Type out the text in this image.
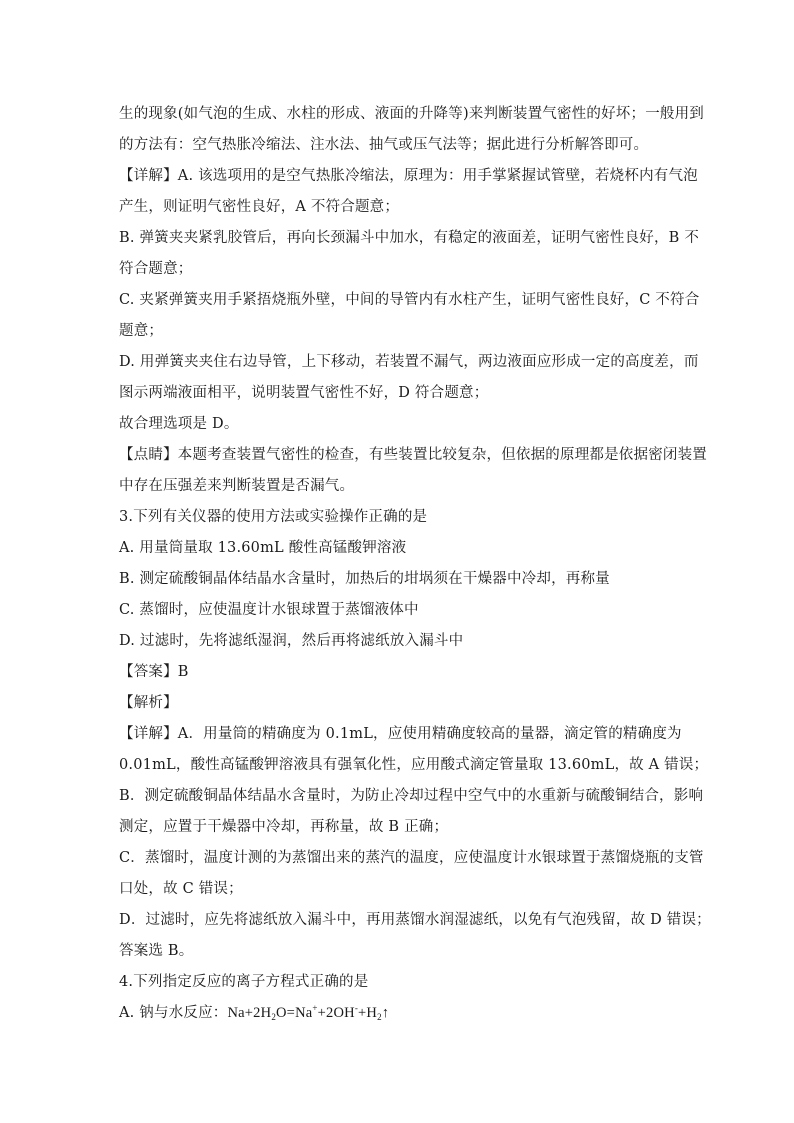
生的现象(如气泡的生成、水柱的形成、液面的升降等)来判断装置气密性的好坏；一般用到
的方法有：空气热胀冷缩法、注水法、抽气或压气法等；据此进行分析解答即可。
【详解】A. 该选项用的是空气热胀冷缩法，原理为：用手掌紧握试管壁，若烧杯内有气泡
产生，则证明气密性良好，A 不符合题意；
B. 弹簧夹夹紧乳胶管后，再向长颈漏斗中加水，有稳定的液面差，证明气密性良好，B 不
符合题意；
C. 夹紧弹簧夹用手紧捂烧瓶外壁，中间的导管内有水柱产生，证明气密性良好，C 不符合
题意；
D. 用弹簧夹夹住右边导管，上下移动，若装置不漏气，两边液面应形成一定的高度差，而
图示两端液面相平，说明装置气密性不好，D 符合题意；
故合理选项是 D。
【点睛】本题考查装置气密性的检查，有些装置比较复杂，但依据的原理都是依据密闭装置
中存在压强差来判断装置是否漏气。
3.下列有关仪器的使用方法或实验操作正确的是
A. 用量筒量取 13.60mL 酸性高锰酸钾溶液
B. 测定硫酸铜晶体结晶水含量时，加热后的坩埚须在干燥器中冷却，再称量
C. 蒸馏时，应使温度计水银球置于蒸馏液体中
D. 过滤时，先将滤纸湿润，然后再将滤纸放入漏斗中
【答案】B
【解析】
【详解】A．用量筒的精确度为 0.1mL，应使用精确度较高的量器，滴定管的精确度为
0.01mL，酸性高锰酸钾溶液具有强氧化性，应用酸式滴定管量取 13.60mL，故 A 错误；
B．测定硫酸铜晶体结晶水含量时，为防止冷却过程中空气中的水重新与硫酸铜结合，影响
测定，应置于干燥器中冷却，再称量，故 B 正确；
C．蒸馏时，温度计测的为蒸馏出来的蒸汽的温度，应使温度计水银球置于蒸馏烧瓶的支管
口处，故 C 错误；
D．过滤时，应先将滤纸放入漏斗中，再用蒸馏水润湿滤纸，以免有气泡残留，故 D 错误；
答案选 B。
4.下列指定反应的离子方程式正确的是
A. 钠与水反应：$Na+2H_2O=Na^++2OH^-+H_2↑$
